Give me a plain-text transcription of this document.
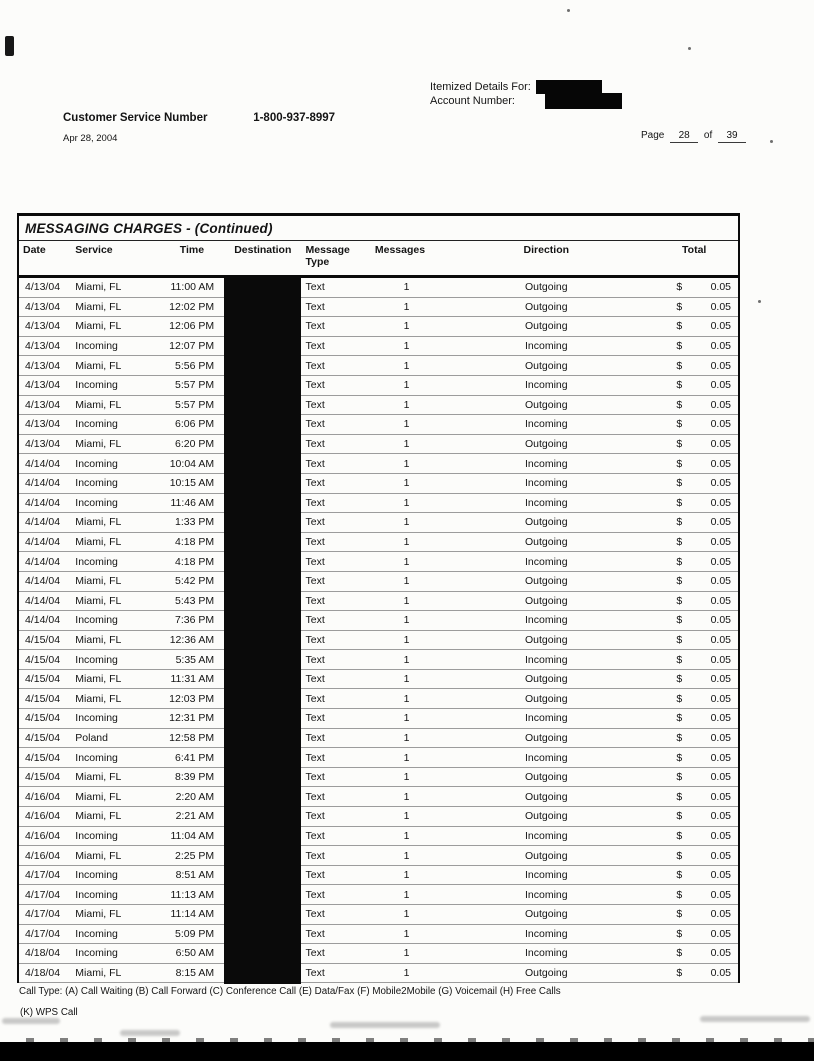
Itemized Details For:
Account Number:
Customer Service Number	1-800-937-8997
Apr 28, 2004	Page 28 of 39
MESSAGING CHARGES - (Continued)							
Date	Service	Time	Destination	Message Type	Messages	Direction	Total
4/13/04	Miami, FL	11:00 AM		Text	1	Outgoing	$ 0.05
4/13/04	Miami, FL	12:02 PM		Text	1	Outgoing	$ 0.05
4/13/04	Miami, FL	12:06 PM		Text	1	Outgoing	$ 0.05
4/13/04	Incoming	12:07 PM		Text	1	Incoming	$ 0.05
4/13/04	Miami, FL	5:56 PM		Text	1	Outgoing	$ 0.05
4/13/04	Incoming	5:57 PM		Text	1	Incoming	$ 0.05
4/13/04	Miami, FL	5:57 PM		Text	1	Outgoing	$ 0.05
4/13/04	Incoming	6:06 PM		Text	1	Incoming	$ 0.05
4/13/04	Miami, FL	6:20 PM		Text	1	Outgoing	$ 0.05
4/14/04	Incoming	10:04 AM		Text	1	Incoming	$ 0.05
4/14/04	Incoming	10:15 AM		Text	1	Incoming	$ 0.05
4/14/04	Incoming	11:46 AM		Text	1	Incoming	$ 0.05
4/14/04	Miami, FL	1:33 PM		Text	1	Outgoing	$ 0.05
4/14/04	Miami, FL	4:18 PM		Text	1	Outgoing	$ 0.05
4/14/04	Incoming	4:18 PM		Text	1	Incoming	$ 0.05
4/14/04	Miami, FL	5:42 PM		Text	1	Outgoing	$ 0.05
4/14/04	Miami, FL	5:43 PM		Text	1	Outgoing	$ 0.05
4/14/04	Incoming	7:36 PM		Text	1	Incoming	$ 0.05
4/15/04	Miami, FL	12:36 AM		Text	1	Outgoing	$ 0.05
4/15/04	Incoming	5:35 AM		Text	1	Incoming	$ 0.05
4/15/04	Miami, FL	11:31 AM		Text	1	Outgoing	$ 0.05
4/15/04	Miami, FL	12:03 PM		Text	1	Outgoing	$ 0.05
4/15/04	Incoming	12:31 PM		Text	1	Incoming	$ 0.05
4/15/04	Poland	12:58 PM		Text	1	Outgoing	$ 0.05
4/15/04	Incoming	6:41 PM		Text	1	Incoming	$ 0.05
4/15/04	Miami, FL	8:39 PM		Text	1	Outgoing	$ 0.05
4/16/04	Miami, FL	2:20 AM		Text	1	Outgoing	$ 0.05
4/16/04	Miami, FL	2:21 AM		Text	1	Outgoing	$ 0.05
4/16/04	Incoming	11:04 AM		Text	1	Incoming	$ 0.05
4/16/04	Miami, FL	2:25 PM		Text	1	Outgoing	$ 0.05
4/17/04	Incoming	8:51 AM		Text	1	Incoming	$ 0.05
4/17/04	Incoming	11:13 AM		Text	1	Incoming	$ 0.05
4/17/04	Miami, FL	11:14 AM		Text	1	Outgoing	$ 0.05
4/17/04	Incoming	5:09 PM		Text	1	Incoming	$ 0.05
4/18/04	Incoming	6:50 AM		Text	1	Incoming	$ 0.05
4/18/04	Miami, FL	8:15 AM		Text	1	Outgoing	$ 0.05
Call Type: (A) Call Waiting (B) Call Forward (C) Conference Call (E) Data/Fax (F) Mobile2Mobile (G) Voicemail (H) Free Calls
(K) WPS Call
